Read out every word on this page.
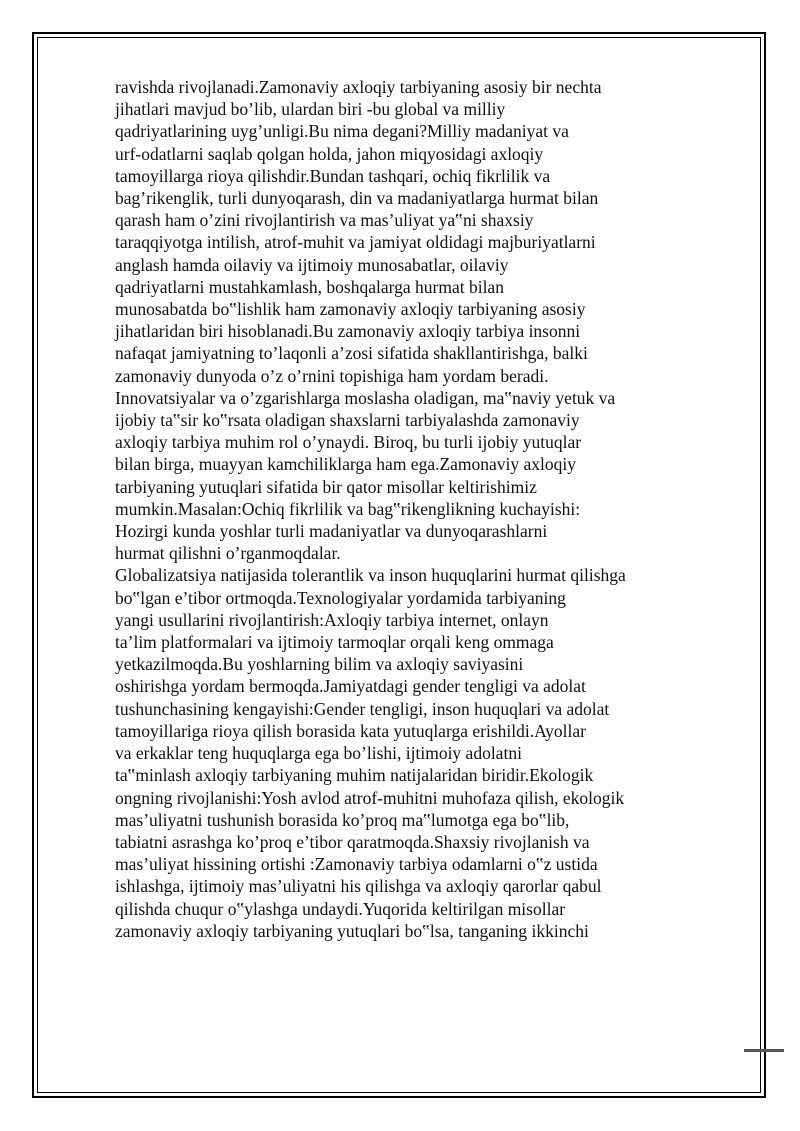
ravishda rivojlanadi.Zamonaviy axloqiy tarbiyaning asosiy bir nechta
jihatlari mavjud bo’lib, ulardan biri -bu global va milliy
qadriyatlarining uyg’unligi.Bu nima degani?Milliy madaniyat va
urf-odatlarni saqlab qolgan holda, jahon miqyosidagi axloqiy
tamoyillarga rioya qilishdir.Bundan tashqari, ochiq fikrlilik va
bag’rikenglik, turli dunyoqarash, din va madaniyatlarga hurmat bilan
qarash ham o’zini rivojlantirish va mas’uliyat ya‟ni shaxsiy
taraqqiyotga intilish, atrof-muhit va jamiyat oldidagi majburiyatlarni
anglash hamda oilaviy va ijtimoiy munosabatlar, oilaviy
qadriyatlarni mustahkamlash, boshqalarga hurmat bilan
munosabatda bo‟lishlik ham zamonaviy axloqiy tarbiyaning asosiy
jihatlaridan biri hisoblanadi.Bu zamonaviy axloqiy tarbiya insonni
nafaqat jamiyatning to’laqonli a’zosi sifatida shakllantirishga, balki
zamonaviy dunyoda o’z o’rnini topishiga ham yordam beradi.
Innovatsiyalar va o’zgarishlarga moslasha oladigan, ma‟naviy yetuk va
ijobiy ta‟sir ko‟rsata oladigan shaxslarni tarbiyalashda zamonaviy
axloqiy tarbiya muhim rol o’ynaydi. Biroq, bu turli ijobiy yutuqlar
bilan birga, muayyan kamchiliklarga ham ega.Zamonaviy axloqiy
tarbiyaning yutuqlari sifatida bir qator misollar keltirishimiz
mumkin.Masalan:Ochiq fikrlilik va bag‟rikenglikning kuchayishi:
Hozirgi kunda yoshlar turli madaniyatlar va dunyoqarashlarni
hurmat qilishni o’rganmoqdalar.
Globalizatsiya natijasida tolerantlik va inson huquqlarini hurmat qilishga
bo‟lgan e’tibor ortmoqda.Texnologiyalar yordamida tarbiyaning
yangi usullarini rivojlantirish:Axloqiy tarbiya internet, onlayn
ta’lim platformalari va ijtimoiy tarmoqlar orqali keng ommaga
yetkazilmoqda.Bu yoshlarning bilim va axloqiy saviyasini
oshirishga yordam bermoqda.Jamiyatdagi gender tengligi va adolat
tushunchasining kengayishi:Gender tengligi, inson huquqlari va adolat
tamoyillariga rioya qilish borasida kata yutuqlarga erishildi.Ayollar
va erkaklar teng huquqlarga ega bo’lishi, ijtimoiy adolatni
ta‟minlash axloqiy tarbiyaning muhim natijalaridan biridir.Ekologik
ongning rivojlanishi:Yosh avlod atrof-muhitni muhofaza qilish, ekologik
mas’uliyatni tushunish borasida ko’proq ma‟lumotga ega bo‟lib,
tabiatni asrashga ko’proq e’tibor qaratmoqda.Shaxsiy rivojlanish va
mas’uliyat hissining ortishi :Zamonaviy tarbiya odamlarni o‟z ustida
ishlashga, ijtimoiy mas’uliyatni his qilishga va axloqiy qarorlar qabul
qilishda chuqur o‟ylashga undaydi.Yuqorida keltirilgan misollar
zamonaviy axloqiy tarbiyaning yutuqlari bo‟lsa, tanganing ikkinchi
